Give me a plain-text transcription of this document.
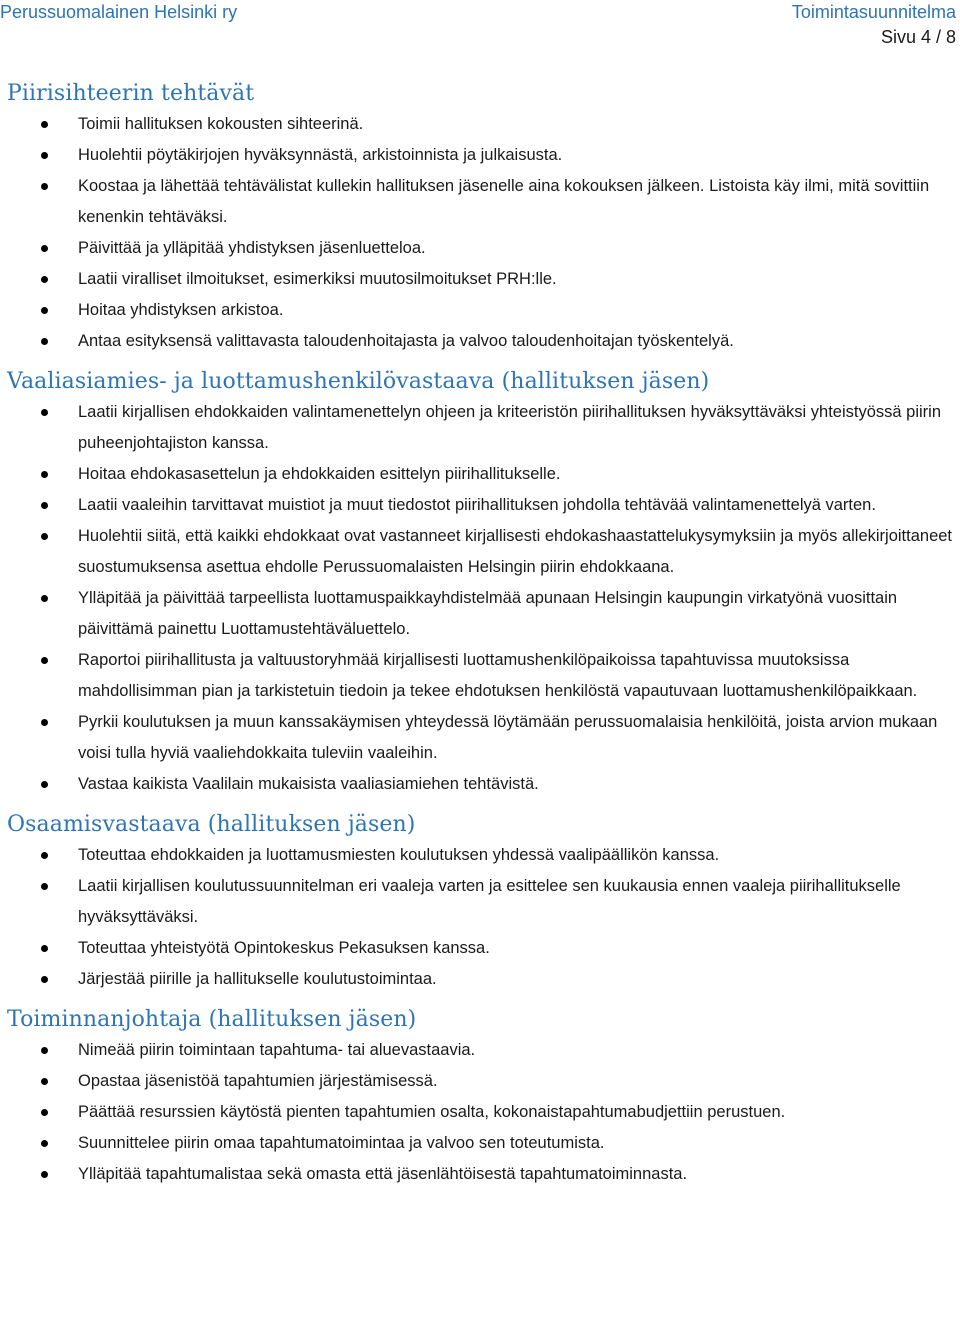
Perussuomalainen Helsinki ry	Toimintasuunnitelma
Sivu 4 / 8
Piirisihteerin tehtävät
Toimii hallituksen kokousten sihteerinä.
Huolehtii pöytäkirjojen hyväksynnästä, arkistoinnista ja julkaisusta.
Koostaa ja lähettää tehtävälistat kullekin hallituksen jäsenelle aina kokouksen jälkeen. Listoista käy ilmi, mitä sovittiin kenenkin tehtäväksi.
Päivittää ja ylläpitää yhdistyksen jäsenluetteloa.
Laatii viralliset ilmoitukset, esimerkiksi muutosilmoitukset PRH:lle.
Hoitaa yhdistyksen arkistoa.
Antaa esityksensä valittavasta taloudenhoitajasta ja valvoo taloudenhoitajan työskentelyä.
Vaaliasiamies- ja luottamushenkilövastaava (hallituksen jäsen)
Laatii kirjallisen ehdokkaiden valintamenettelyn ohjeen ja kriteeristön piirihallituksen hyväksyttäväksi yhteistyössä piirin puheenjohtajiston kanssa.
Hoitaa ehdokasasettelun ja ehdokkaiden esittelyn piirihallitukselle.
Laatii vaaleihin tarvittavat muistiot ja muut tiedostot piirihallituksen johdolla tehtävää valintamenettelyä varten.
Huolehtii siitä, että kaikki ehdokkaat ovat vastanneet kirjallisesti ehdokashaastattelukysymyksiin ja myös allekirjoittaneet suostumuksensa asettua ehdolle Perussuomalaisten Helsingin piirin ehdokkaana.
Ylläpitää ja päivittää tarpeellista luottamuspaikkayhdistelmää apunaan Helsingin kaupungin virkatyönä vuosittain päivittämä painettu Luottamustehtäväluettelo.
Raportoi piirihallitusta ja valtuustoryhmää kirjallisesti luottamushenkilöpaikoissa tapahtuvissa muutoksissa mahdollisimman pian ja tarkistetuin tiedoin ja tekee ehdotuksen henkilöstä vapautuvaan luottamushenkilöpaikkaan.
Pyrkii koulutuksen ja muun kanssakäymisen yhteydessä löytämään perussuomalaisia henkilöitä, joista arvion mukaan voisi tulla hyviä vaaliehdokkaita tuleviin vaaleihin.
Vastaa kaikista Vaalilain mukaisista vaaliasiamiehen tehtävistä.
Osaamisvastaava (hallituksen jäsen)
Toteuttaa ehdokkaiden ja luottamusmiesten koulutuksen yhdessä vaalipäällikön kanssa.
Laatii kirjallisen koulutussuunnitelman eri vaaleja varten ja esittelee sen kuukausia ennen vaaleja piirihallitukselle hyväksyttäväksi.
Toteuttaa yhteistyötä Opintokeskus Pekasuksen kanssa.
Järjestää piirille ja hallitukselle koulutustoimintaa.
Toiminnanjohtaja (hallituksen jäsen)
Nimeää piirin toimintaan tapahtuma- tai aluevastaavia.
Opastaa jäsenistöä tapahtumien järjestämisessä.
Päättää resurssien käytöstä pienten tapahtumien osalta, kokonaistapahtumabudjettiin perustuen.
Suunnittelee piirin omaa tapahtumatoimintaa ja valvoo sen toteutumista.
Ylläpitää tapahtumalistaa sekä omasta että jäsenlähtöisestä tapahtumatoiminnasta.
